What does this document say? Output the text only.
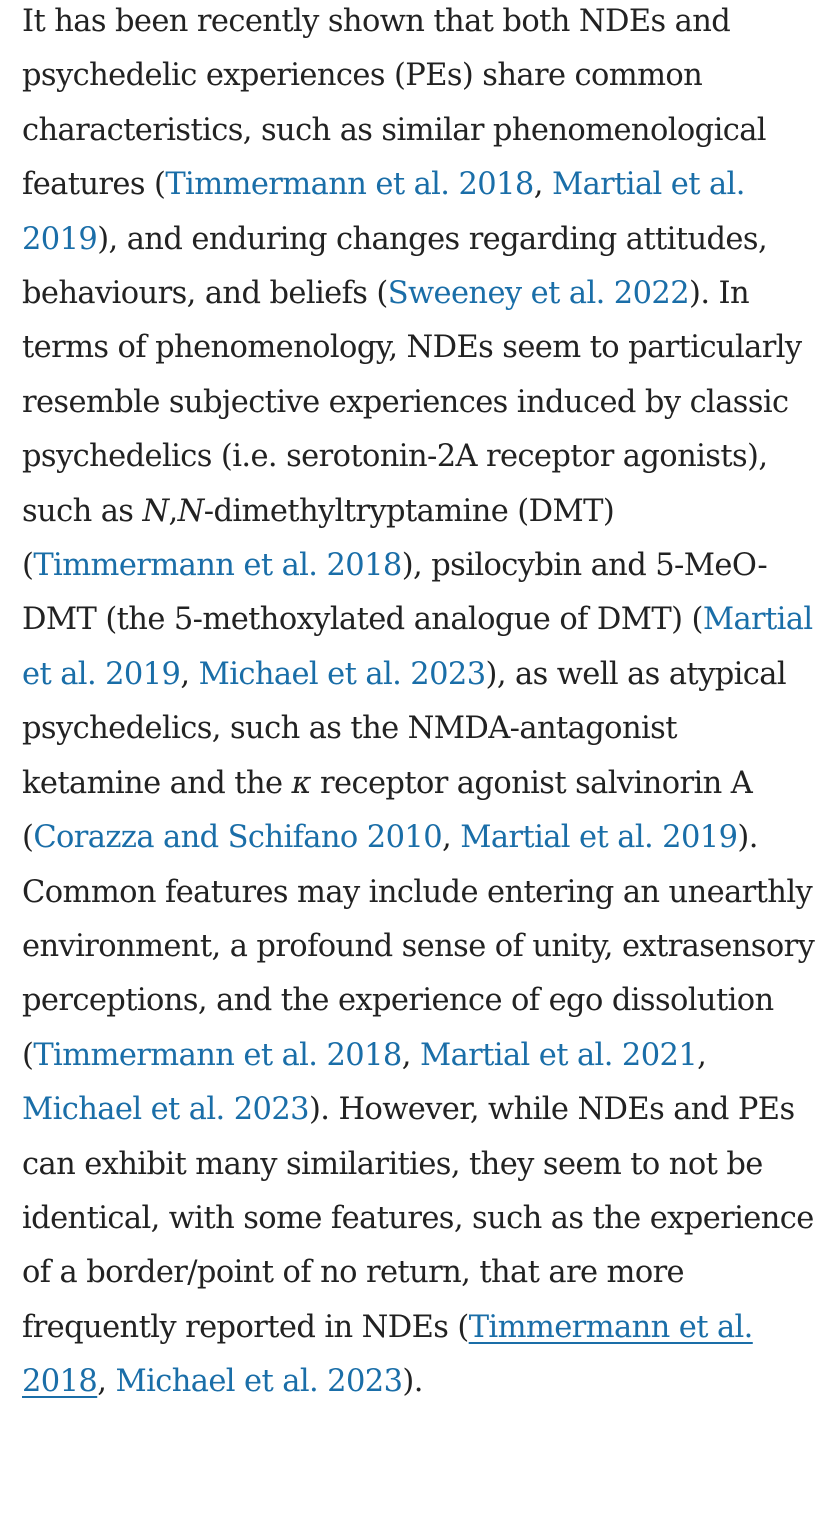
It has been recently shown that both NDEs and psychedelic experiences (PEs) share common characteristics, such as similar phenomenological features (Timmermann et al. 2018, Martial et al. 2019), and enduring changes regarding attitudes, behaviours, and beliefs (Sweeney et al. 2022). In terms of phenomenology, NDEs seem to particularly resemble subjective experiences induced by classic psychedelics (i.e. serotonin-2A receptor agonists), such as N,N-dimethyltryptamine (DMT) (Timmermann et al. 2018), psilocybin and 5-MeO-DMT (the 5-methoxylated analogue of DMT) (Martial et al. 2019, Michael et al. 2023), as well as atypical psychedelics, such as the NMDA-antagonist ketamine and the κ receptor agonist salvinorin A (Corazza and Schifano 2010, Martial et al. 2019). Common features may include entering an unearthly environment, a profound sense of unity, extrasensory perceptions, and the experience of ego dissolution (Timmermann et al. 2018, Martial et al. 2021, Michael et al. 2023). However, while NDEs and PEs can exhibit many similarities, they seem to not be identical, with some features, such as the experience of a border/point of no return, that are more frequently reported in NDEs (Timmermann et al. 2018, Michael et al. 2023).
